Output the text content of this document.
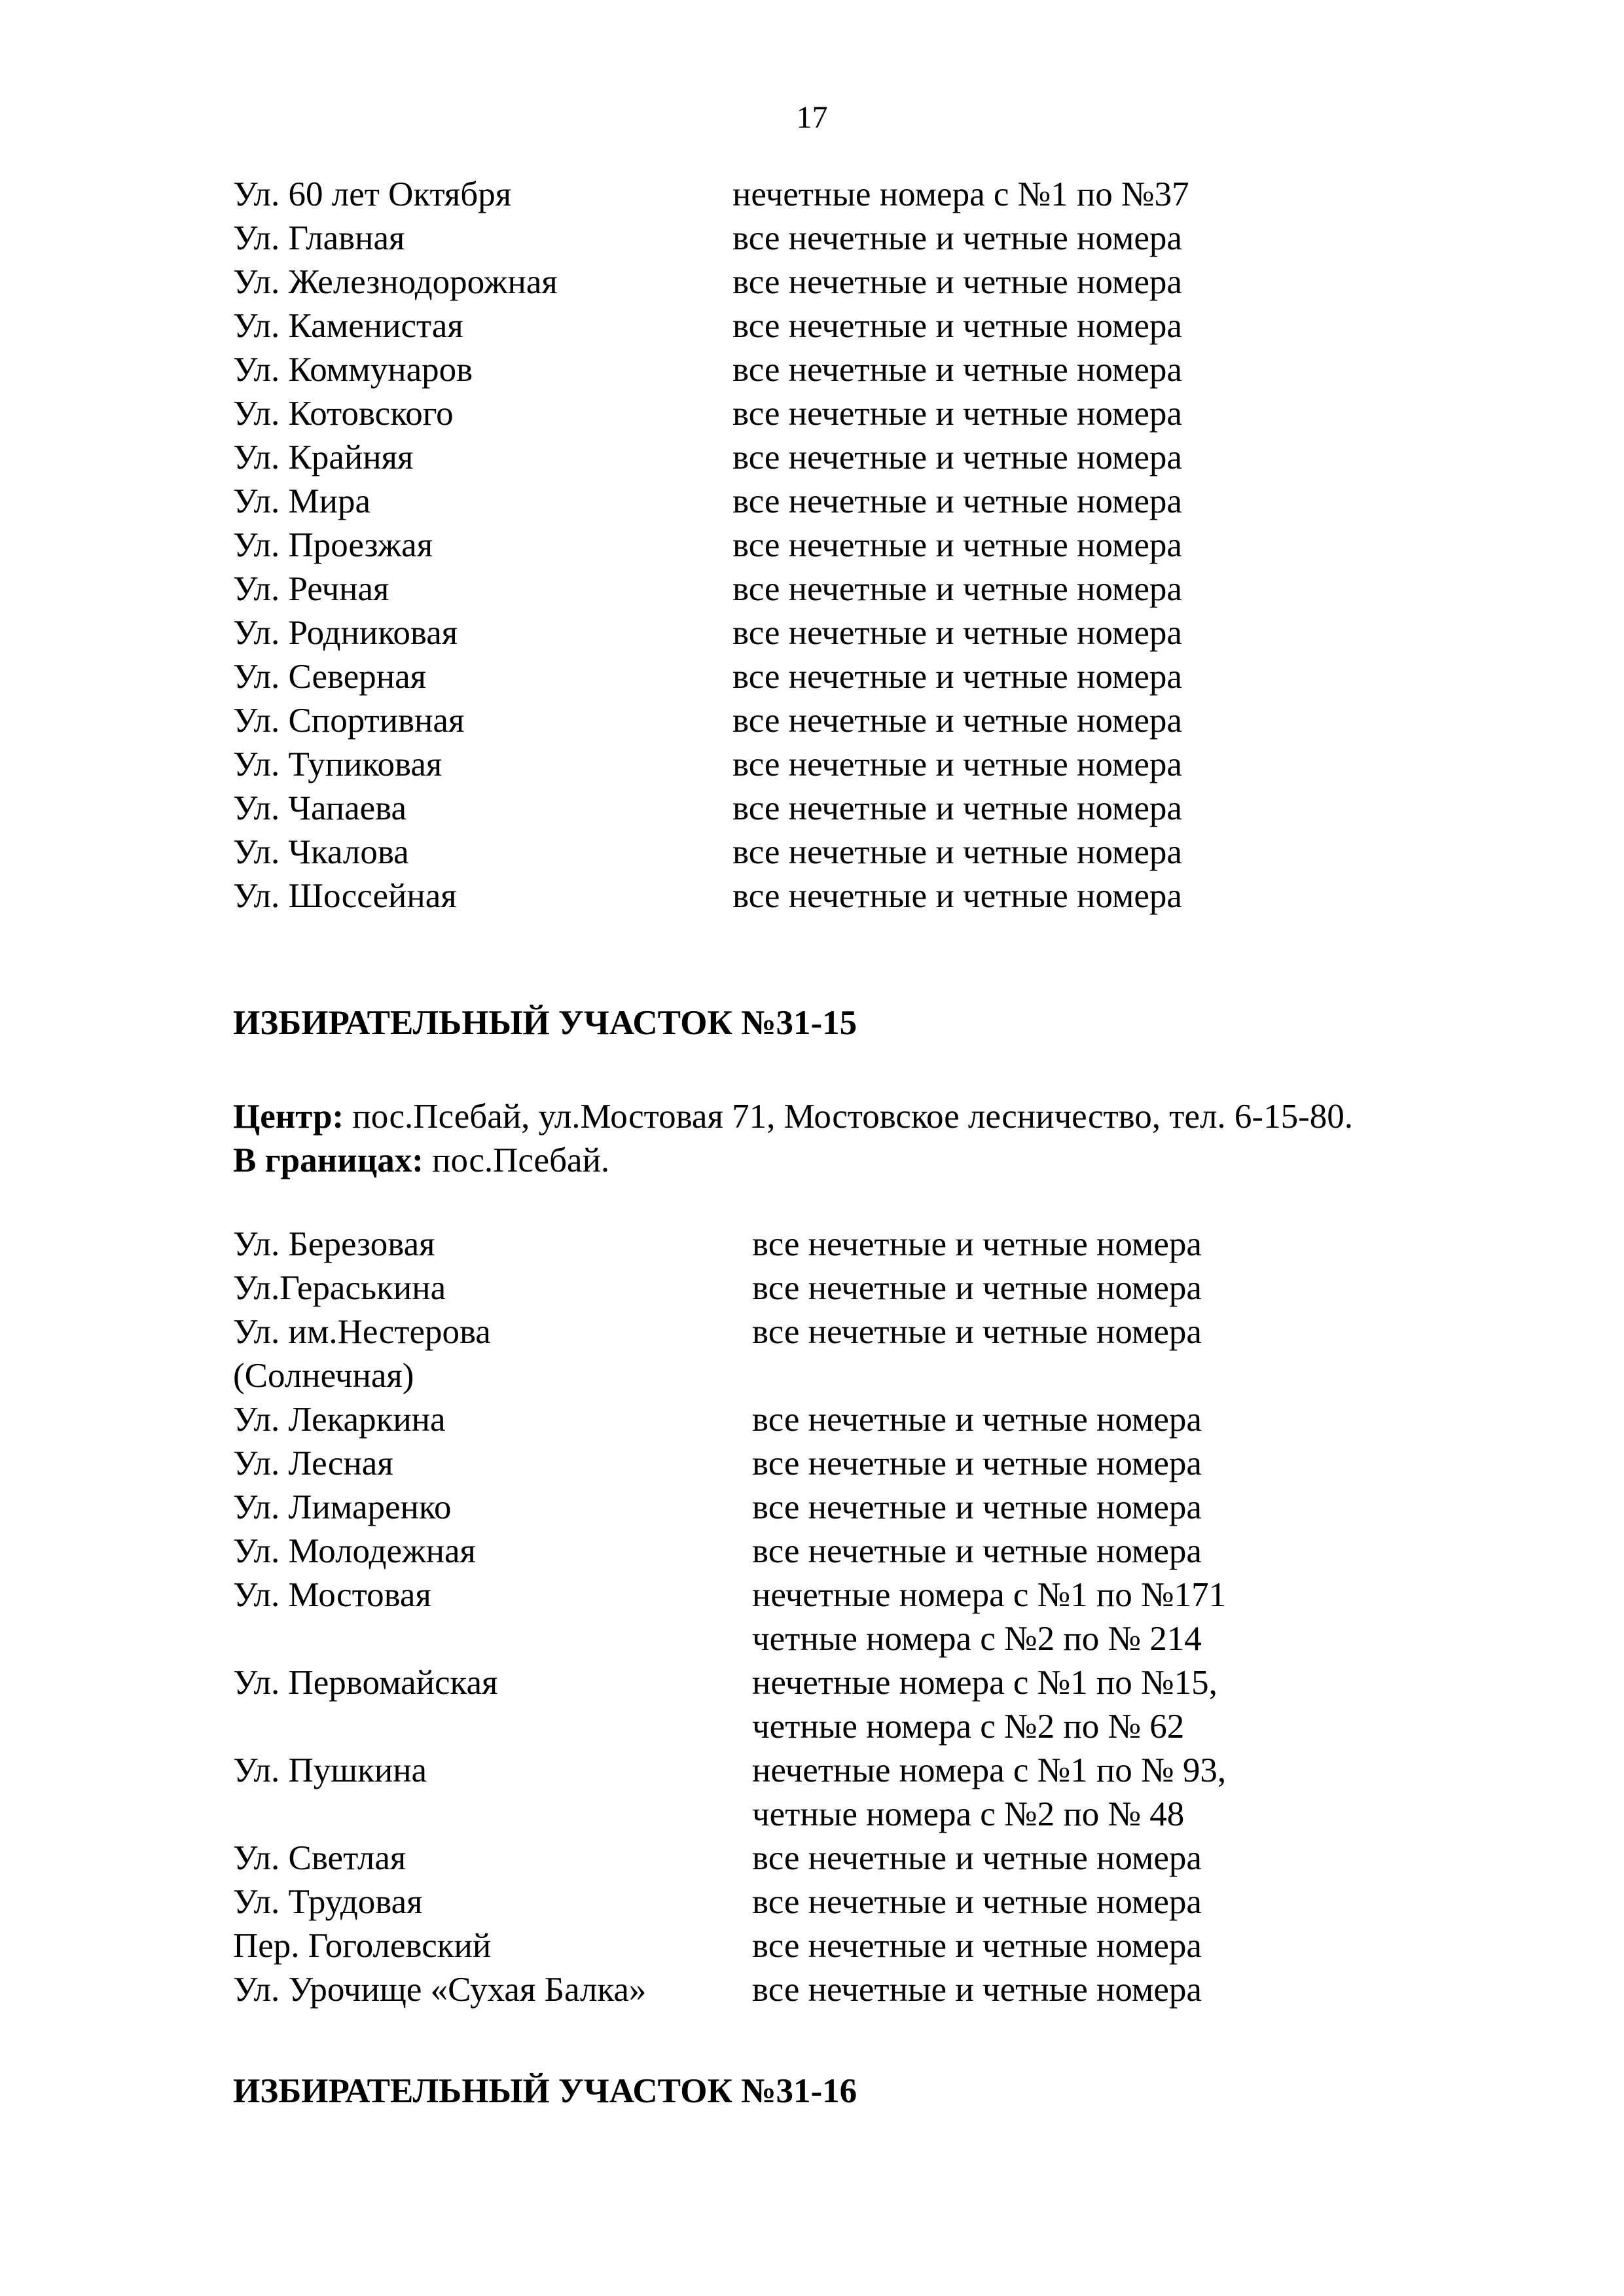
17
Ул. 60 лет Октября	нечетные номера с №1 по №37
Ул. Главная	все нечетные и четные номера
Ул. Железнодорожная	все нечетные и четные номера
Ул. Каменистая	все нечетные и четные номера
Ул. Коммунаров	все нечетные и четные номера
Ул. Котовского	все нечетные и четные номера
Ул. Крайняя	все нечетные и четные номера
Ул. Мира	все нечетные и четные номера
Ул. Проезжая	все нечетные и четные номера
Ул. Речная	все нечетные и четные номера
Ул. Родниковая	все нечетные и четные номера
Ул. Северная	все нечетные и четные номера
Ул. Спортивная	все нечетные и четные номера
Ул. Тупиковая	все нечетные и четные номера
Ул. Чапаева	все нечетные и четные номера
Ул. Чкалова	все нечетные и четные номера
Ул. Шоссейная	все нечетные и четные номера
ИЗБИРАТЕЛЬНЫЙ УЧАСТОК №31-15
Центр: пос.Псебай, ул.Мостовая 71, Мостовское лесничество, тел. 6-15-80.
В границах: пос.Псебай.
Ул. Березовая	все нечетные и четные номера
Ул.Гераськина	все нечетные и четные номера
Ул. им.Нестерова	все нечетные и четные номера
(Солнечная)
Ул. Лекаркина	все нечетные и четные номера
Ул. Лесная	все нечетные и четные номера
Ул. Лимаренко	все нечетные и четные номера
Ул. Молодежная	все нечетные и четные номера
Ул. Мостовая	нечетные номера с №1 по №171
четные номера с №2 по № 214
Ул. Первомайская	нечетные номера с №1 по №15,
четные номера с №2 по № 62
Ул. Пушкина	нечетные номера с №1 по № 93,
четные номера с №2 по № 48
Ул. Светлая	все нечетные и четные номера
Ул. Трудовая	все нечетные и четные номера
Пер. Гоголевский	все нечетные и четные номера
Ул. Урочище «Сухая Балка»	все нечетные и четные номера
ИЗБИРАТЕЛЬНЫЙ УЧАСТОК №31-16
